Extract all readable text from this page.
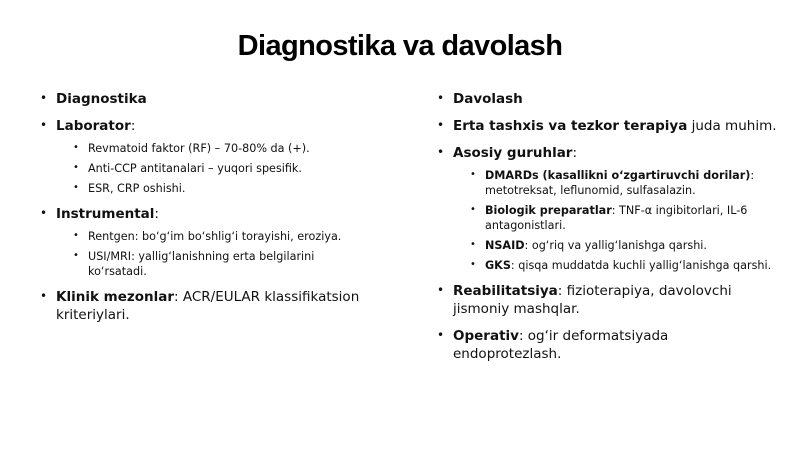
Diagnostika va davolash
• Diagnostika
• Laborator:
• Revmatoid faktor (RF) – 70-80% da (+).
• Anti-CCP antitanalari – yuqori spesifik.
• ESR, CRP oshishi.
• Instrumental:
• Rentgen: bo‘g‘im bo‘shlig‘i torayishi, eroziya.
• USI/MRI: yallig‘lanishning erta belgilarini ko‘rsatadi.
• Klinik mezonlar: ACR/EULAR klassifikatsion kriteriylari.
• Davolash
• Erta tashxis va tezkor terapiya juda muhim.
• Asosiy guruhlar:
• DMARDs (kasallikni o‘zgartiruvchi dorilar): metotreksat, leflunomid, sulfasalazin.
• Biologik preparatlar: TNF-α ingibitorlari, IL-6 antagonistlari.
• NSAID: og‘riq va yallig‘lanishga qarshi.
• GKS: qisqa muddatda kuchli yallig‘lanishga qarshi.
• Reabilitatsiya: fizioterapiya, davolovchi jismoniy mashqlar.
• Operativ: og‘ir deformatsiyada endoprotezlash.
